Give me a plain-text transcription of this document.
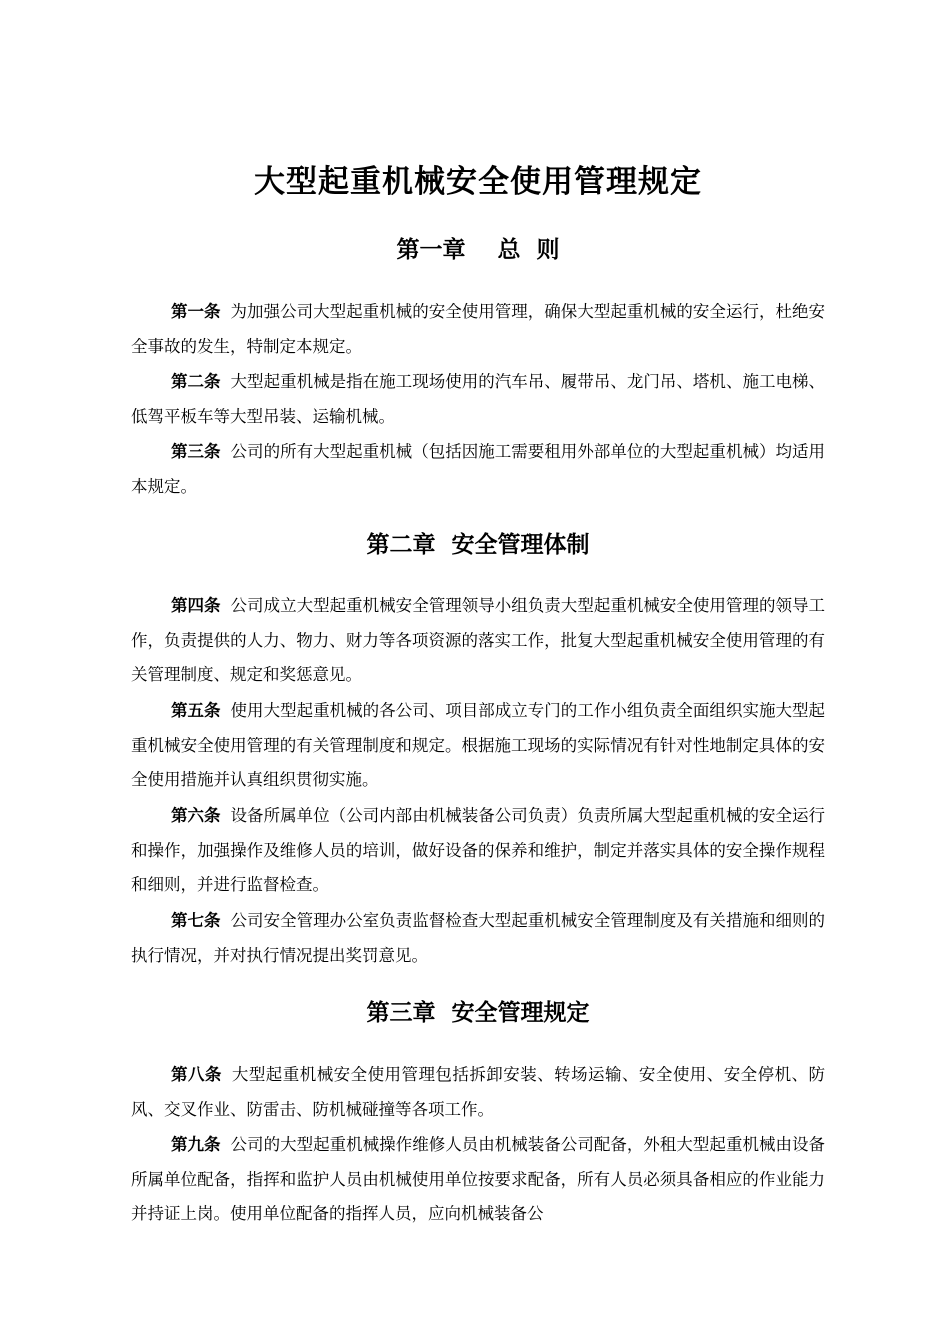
大型起重机械安全使用管理规定
第一章    总  则

第一条 为加强公司大型起重机械的安全使用管理，确保大型起重机械的安全运行，杜绝安全事故的发生，特制定本规定。

第二条 大型起重机械是指在施工现场使用的汽车吊、履带吊、龙门吊、塔机、施工电梯、低驾平板车等大型吊装、运输机械。

第三条 公司的所有大型起重机械（包括因施工需要租用外部单位的大型起重机械）均适用本规定。

第二章  安全管理体制

第四条 公司成立大型起重机械安全管理领导小组负责大型起重机械安全使用管理的领导工作，负责提供的人力、物力、财力等各项资源的落实工作，批复大型起重机械安全使用管理的有关管理制度、规定和奖惩意见。

第五条 使用大型起重机械的各公司、项目部成立专门的工作小组负责全面组织实施大型起重机械安全使用管理的有关管理制度和规定。根据施工现场的实际情况有针对性地制定具体的安全使用措施并认真组织贯彻实施。

第六条 设备所属单位（公司内部由机械装备公司负责）负责所属大型起重机械的安全运行和操作，加强操作及维修人员的培训，做好设备的保养和维护，制定并落实具体的安全操作规程和细则，并进行监督检查。

第七条 公司安全管理办公室负责监督检查大型起重机械安全管理制度及有关措施和细则的执行情况，并对执行情况提出奖罚意见。

第三章  安全管理规定

第八条 大型起重机械安全使用管理包括拆卸安装、转场运输、安全使用、安全停机、防风、交叉作业、防雷击、防机械碰撞等各项工作。

第九条 公司的大型起重机械操作维修人员由机械装备公司配备，外租大型起重机械由设备所属单位配备，指挥和监护人员由机械使用单位按要求配备，所有人员必须具备相应的作业能力并持证上岗。使用单位配备的指挥人员，应向机械装备公
